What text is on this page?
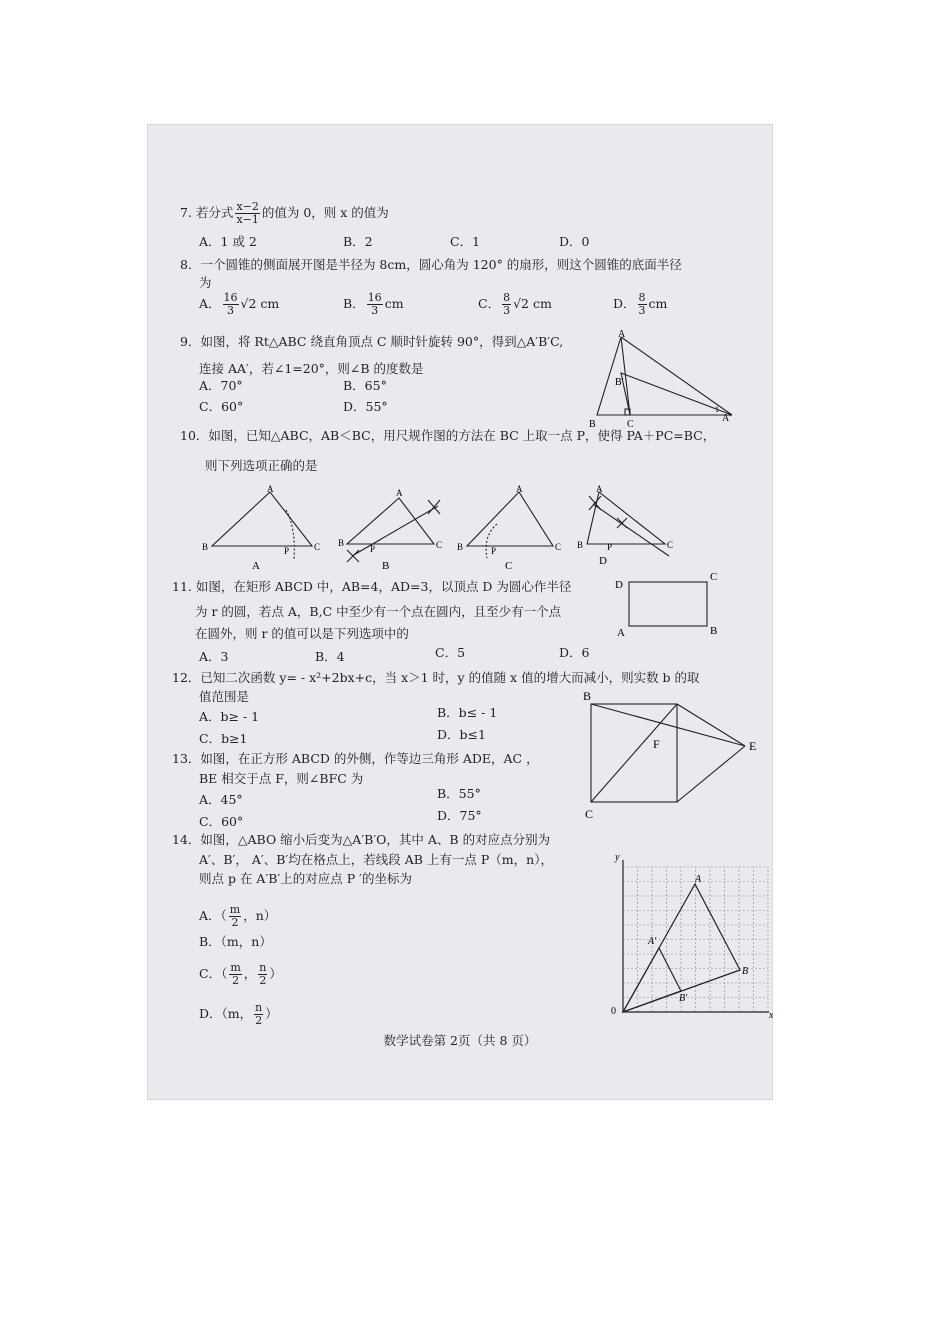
7. 若分式 $\frac{x-2}{x-1}$ 的值为 0，则 x 的值为
A．1 或 2	B．2	C．1	D．0
8．一个圆锥的侧面展开图是半径为 8cm，圆心角为 120° 的扇形，则这个圆锥的底面半径
为
A． $\frac{16}{3} √2$ cm	B． $\frac{16}{3}$ cm	C． $\frac{8}{3} √2$ cm	D． $\frac{8}{3}$ cm
9．如图，将 Rt△ABC 绕直角顶点 C 顺时针旋转 90°，得到△A′B′C,
连接 AA′，若∠1=20°，则∠B 的度数是
A．70°	B．65°
C．60°	D．55°
A
B	C
B′
A′
1
10．如图，已知△ABC，AB＜BC，用尺规作图的方法在 BC 上取一点 P，使得 PA＋PC=BC，
则下列选项正确的是
A
B	C
P
A
A
B	C
P
B
A
B	C
P
C
A
B	C
P
D
11. 如图，在矩形 ABCD 中，AB=4，AD=3，以顶点 D 为圆心作半径
为 r 的圆，若点 A，B,C 中至少有一个点在圆内，且至少有一个点
在圆外，则 r 的值可以是下列选项中的
A．3	B．4	C．5	D．6
D
C
A	B
12．已知二次函数 y= - x²+2bx+c，当 x＞1 时，y 的值随 x 值的增大而减小，则实数 b 的取
值范围是
A．b≥ - 1	B．b≤ - 1
C．b≥1	D．b≤1
B
C
E
F
13．如图，在正方形 ABCD 的外侧，作等边三角形 ADE，AC ，
BE 相交于点 F，则∠BFC 为
A．45°	B．55°
C．60°	D．75°
14．如图，△ABO 缩小后变为△A′B′O，其中 A、B 的对应点分别为
A′、B′， A′、B′均在格点上，若线段 AB 上有一点 P（m，n），
则点 p 在 A′B′上的对应点 P ′的坐标为
A．（ $\frac{m}{2}$ ，n）
B．（m，n）
C．（ $\frac{m}{2}$ ， $\frac{n}{2}$ ）
D．（m， $\frac{n}{2}$ ）
y
x
0
A
B
A′
B′
数学试卷第 2页（共 8 页）
